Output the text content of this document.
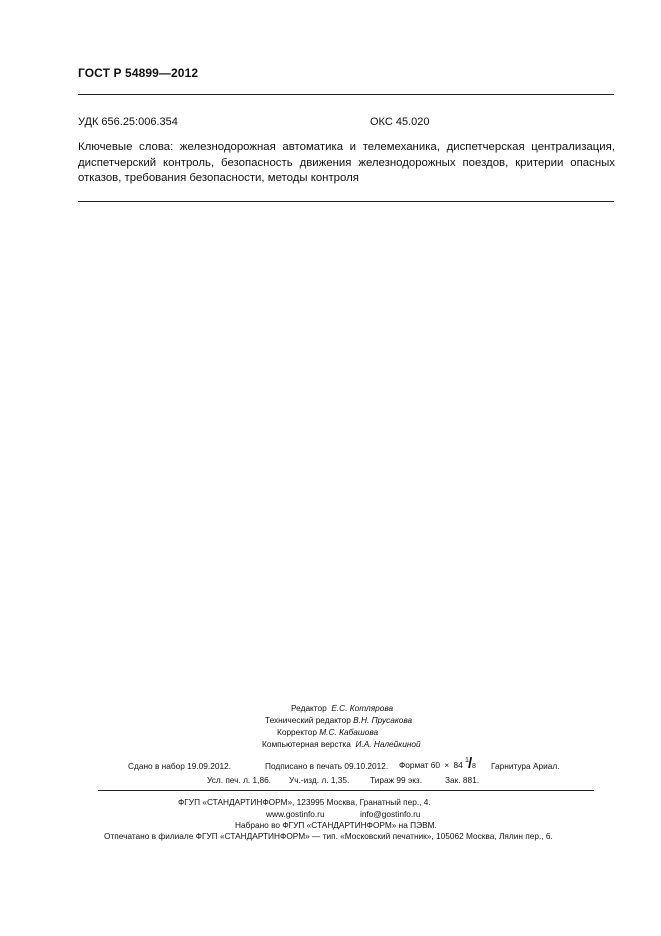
ГОСТ Р 54899—2012
УДК 656.25:006.354	ОКС 45.020
Ключевые слова: железнодорожная автоматика и телемеханика, диспетчерская централизация, диспетчерский контроль, безопасность движения железнодорожных поездов, критерии опасных отказов, требования безопасности, методы контроля
Редактор Е.С. Котлярова
Технический редактор В.Н. Прусакова
Корректор М.С. Кабашова
Компьютерная верстка И.А. Налейкиной
Сдано в набор 19.09.2012.	Подписано в печать 09.10.2012. Формат 60 × 84 1 / 8 Гарнитура Ариал.
Усл. печ. л. 1,86. Уч.-изд. л. 1,35. Тираж 99 экз.	Зак. 881.
ФГУП «СТАНДАРТИНФОРМ», 123995 Москва, Гранатный пер., 4.
www.gostinfo.ru	info@gostinfo.ru
Набрано во ФГУП «СТАНДАРТИНФОРМ» на ПЭВМ.
Отпечатано в филиале ФГУП «СТАНДАРТИНФОРМ» — тип. «Московский печатник», 105062 Москва, Лялин пер., 6.
